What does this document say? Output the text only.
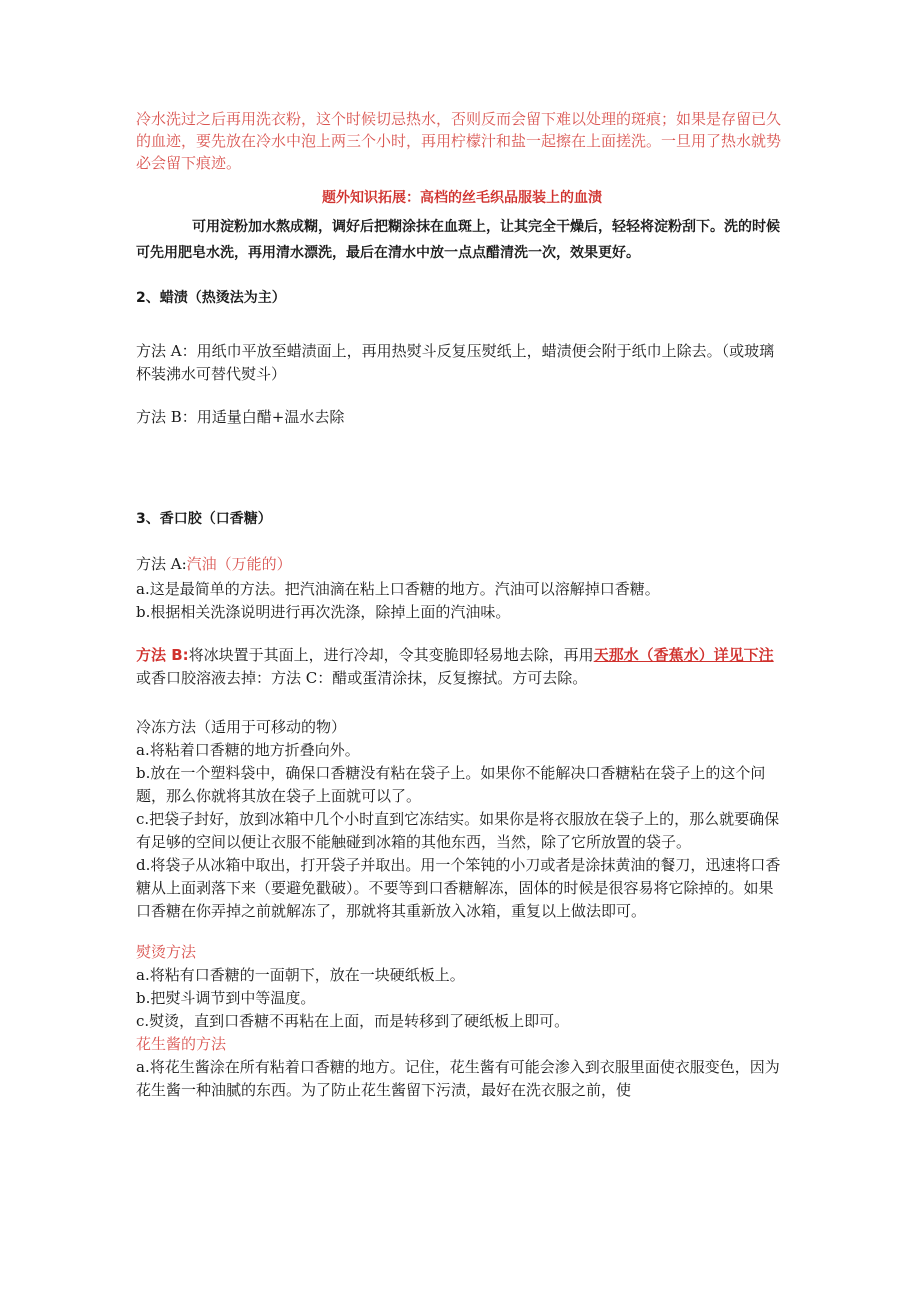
冷水洗过之后再用洗衣粉，这个时候切忌热水，否则反而会留下难以处理的斑痕；如果是存留已久的血迹，要先放在冷水中泡上两三个小时，再用柠檬汁和盐一起擦在上面搓洗。一旦用了热水就势必会留下痕迹。

题外知识拓展：高档的丝毛织品服装上的血渍

可用淀粉加水熬成糊，调好后把糊涂抹在血斑上，让其完全干燥后，轻轻将淀粉刮下。洗的时候可先用肥皂水洗，再用清水漂洗，最后在清水中放一点点醋清洗一次，效果更好。

2、蜡渍（热烫法为主）

方法 A：用纸巾平放至蜡渍面上，再用热熨斗反复压熨纸上，蜡渍便会附于纸巾上除去。（或玻璃杯装沸水可替代熨斗）

方法 B：用适量白醋+温水去除

3、香口胶（口香糖）

方法 A:汽油（万能的）

a.这是最简单的方法。把汽油滴在粘上口香糖的地方。汽油可以溶解掉口香糖。

b.根据相关洗涤说明进行再次洗涤，除掉上面的汽油味。

方法 B:将冰块置于其面上，进行冷却，令其变脆即轻易地去除，再用天那水（香蕉水）详见下注或香口胶溶液去掉：方法 C：醋或蛋清涂抹，反复擦拭。方可去除。

冷冻方法（适用于可移动的物）

a.将粘着口香糖的地方折叠向外。

b.放在一个塑料袋中，确保口香糖没有粘在袋子上。如果你不能解决口香糖粘在袋子上的这个问题，那么你就将其放在袋子上面就可以了。

c.把袋子封好，放到冰箱中几个小时直到它冻结实。如果你是将衣服放在袋子上的，那么就要确保有足够的空间以便让衣服不能触碰到冰箱的其他东西，当然，除了它所放置的袋子。

d.将袋子从冰箱中取出，打开袋子并取出。用一个笨钝的小刀或者是涂抹黄油的餐刀，迅速将口香糖从上面剥落下来（要避免戳破）。不要等到口香糖解冻，固体的时候是很容易将它除掉的。如果口香糖在你弄掉之前就解冻了，那就将其重新放入冰箱，重复以上做法即可。

熨烫方法

a.将粘有口香糖的一面朝下，放在一块硬纸板上。

b.把熨斗调节到中等温度。

c.熨烫，直到口香糖不再粘在上面，而是转移到了硬纸板上即可。

花生酱的方法

a.将花生酱涂在所有粘着口香糖的地方。记住，花生酱有可能会渗入到衣服里面使衣服变色，因为花生酱一种油腻的东西。为了防止花生酱留下污渍，最好在洗衣服之前，使
